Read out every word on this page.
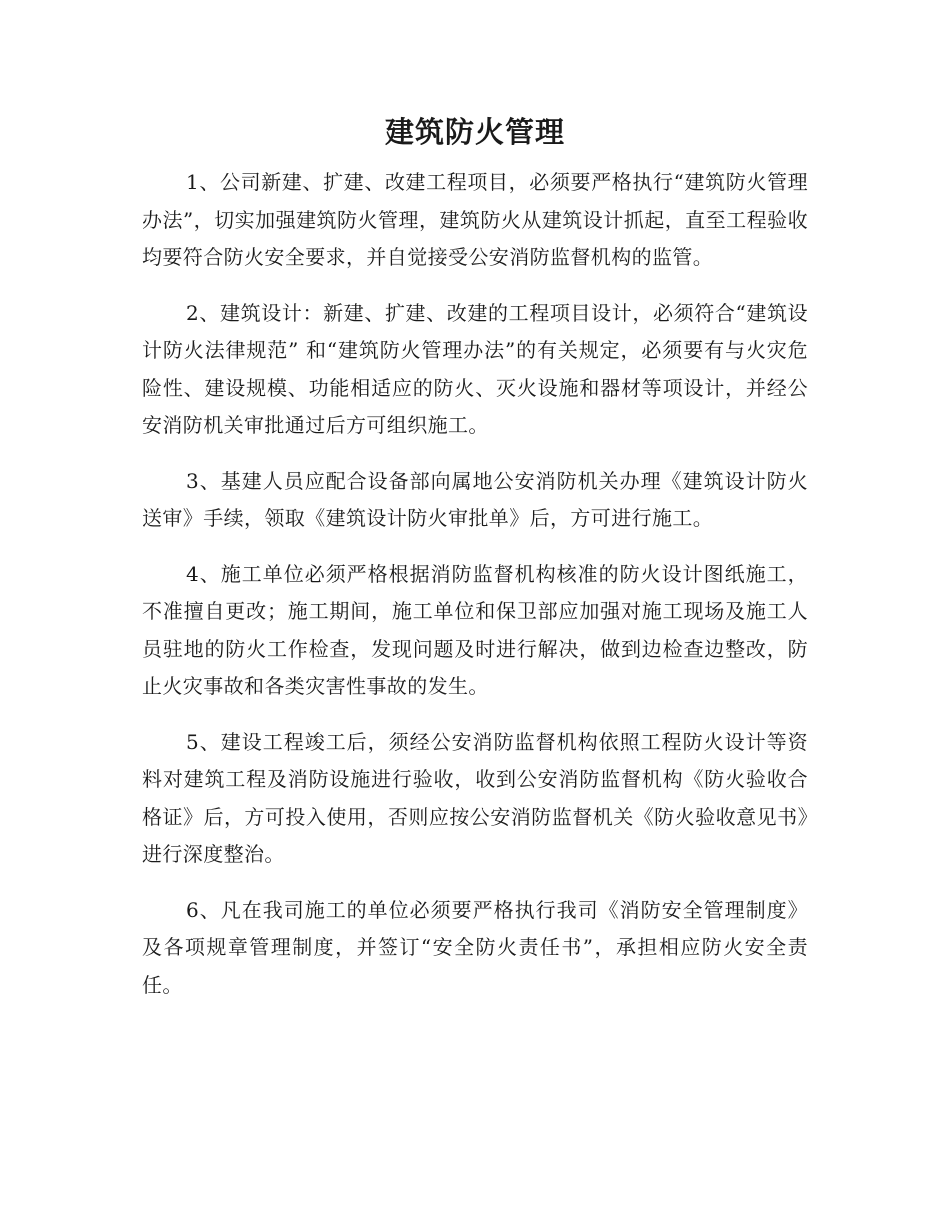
建筑防火管理

1、公司新建、扩建、改建工程项目，必须要严格执行“建筑防火管理办法”，切实加强建筑防火管理，建筑防火从建筑设计抓起，直至工程验收均要符合防火安全要求，并自觉接受公安消防监督机构的监管。

2、建筑设计：新建、扩建、改建的工程项目设计，必须符合“建筑设计防火法律规范” 和“建筑防火管理办法”的有关规定，必须要有与火灾危险性、建设规模、功能相适应的防火、灭火设施和器材等项设计，并经公安消防机关审批通过后方可组织施工。

3、基建人员应配合设备部向属地公安消防机关办理《建筑设计防火送审》手续，领取《建筑设计防火审批单》后，方可进行施工。

4、施工单位必须严格根据消防监督机构核准的防火设计图纸施工，不准擅自更改；施工期间，施工单位和保卫部应加强对施工现场及施工人员驻地的防火工作检查，发现问题及时进行解决，做到边检查边整改，防止火灾事故和各类灾害性事故的发生。

5、建设工程竣工后，须经公安消防监督机构依照工程防火设计等资料对建筑工程及消防设施进行验收，收到公安消防监督机构《防火验收合格证》后，方可投入使用，否则应按公安消防监督机关《防火验收意见书》进行深度整治。

6、凡在我司施工的单位必须要严格执行我司《消防安全管理制度》及各项规章管理制度，并签订“安全防火责任书”，承担相应防火安全责任。
